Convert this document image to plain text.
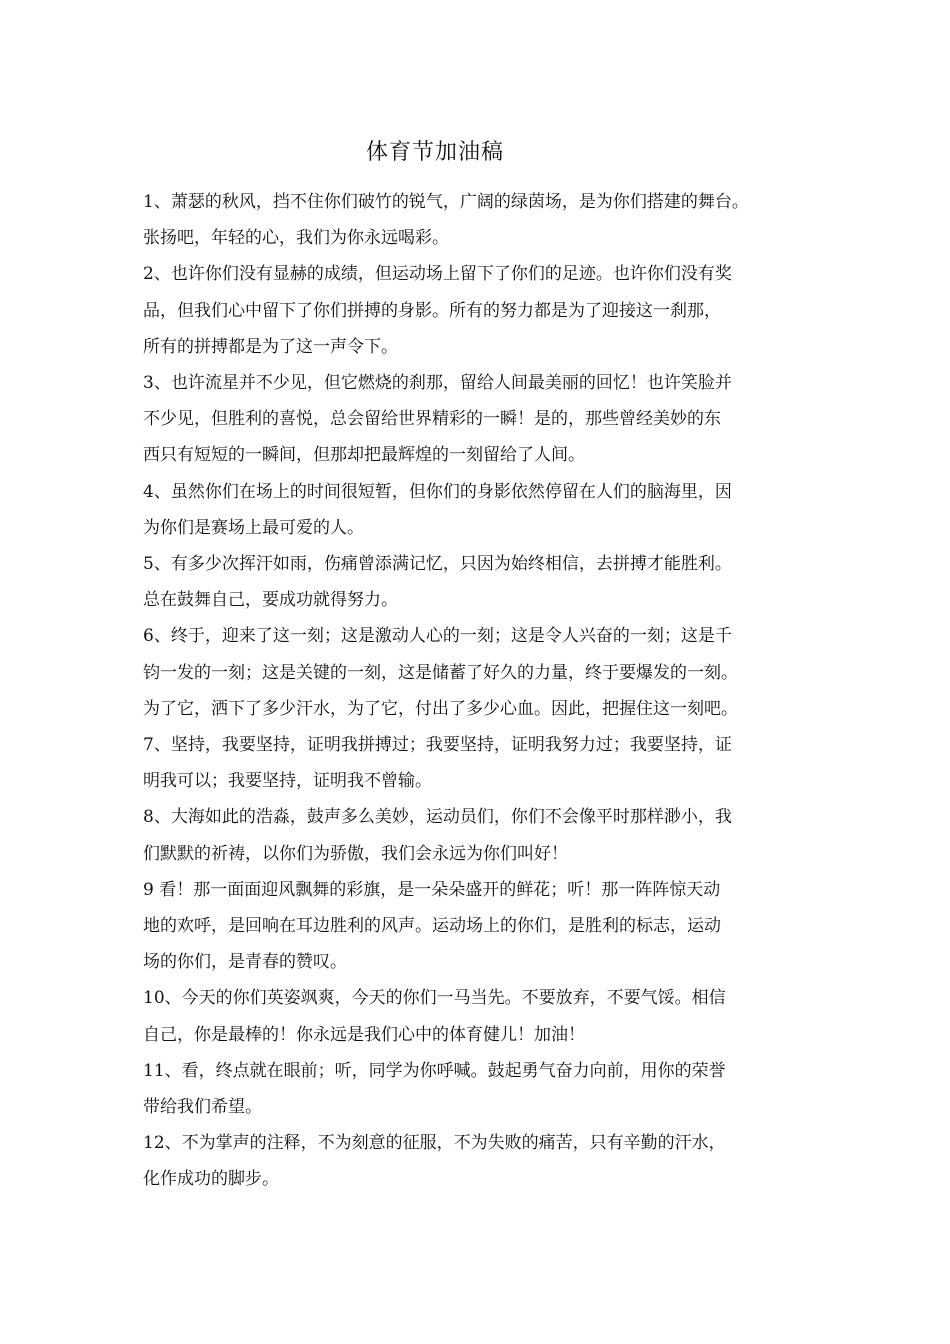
体育节加油稿

1、萧瑟的秋风，挡不住你们破竹的锐气，广阔的绿茵场，是为你们搭建的舞台。
张扬吧，年轻的心，我们为你永远喝彩。

2、也许你们没有显赫的成绩，但运动场上留下了你们的足迹。也许你们没有奖
品，但我们心中留下了你们拼搏的身影。所有的努力都是为了迎接这一刹那，
所有的拼搏都是为了这一声令下。

3、也许流星并不少见，但它燃烧的刹那，留给人间最美丽的回忆！也许笑脸并
不少见，但胜利的喜悦，总会留给世界精彩的一瞬！是的，那些曾经美妙的东
西只有短短的一瞬间，但那却把最辉煌的一刻留给了人间。

4、虽然你们在场上的时间很短暂，但你们的身影依然停留在人们的脑海里，因
为你们是赛场上最可爱的人。

5、有多少次挥汗如雨，伤痛曾添满记忆，只因为始终相信，去拼搏才能胜利。
总在鼓舞自己，要成功就得努力。

6、终于，迎来了这一刻；这是激动人心的一刻；这是令人兴奋的一刻；这是千
钧一发的一刻；这是关键的一刻，这是储蓄了好久的力量，终于要爆发的一刻。
为了它，洒下了多少汗水，为了它，付出了多少心血。因此，把握住这一刻吧。

7、坚持，我要坚持，证明我拼搏过；我要坚持，证明我努力过；我要坚持，证
明我可以；我要坚持，证明我不曾输。

8、大海如此的浩淼，鼓声多么美妙，运动员们，你们不会像平时那样渺小，我
们默默的祈祷，以你们为骄傲，我们会永远为你们叫好！

9 看！那一面面迎风飘舞的彩旗，是一朵朵盛开的鲜花；听！那一阵阵惊天动
地的欢呼，是回响在耳边胜利的风声。运动场上的你们，是胜利的标志，运动
场的你们，是青春的赞叹。

10、今天的你们英姿飒爽，今天的你们一马当先。不要放弃，不要气馁。相信
自己，你是最棒的！你永远是我们心中的体育健儿！加油！

11、看，终点就在眼前；听，同学为你呼喊。鼓起勇气奋力向前，用你的荣誉
带给我们希望。

12、不为掌声的注释，不为刻意的征服，不为失败的痛苦，只有辛勤的汗水，
化作成功的脚步。
